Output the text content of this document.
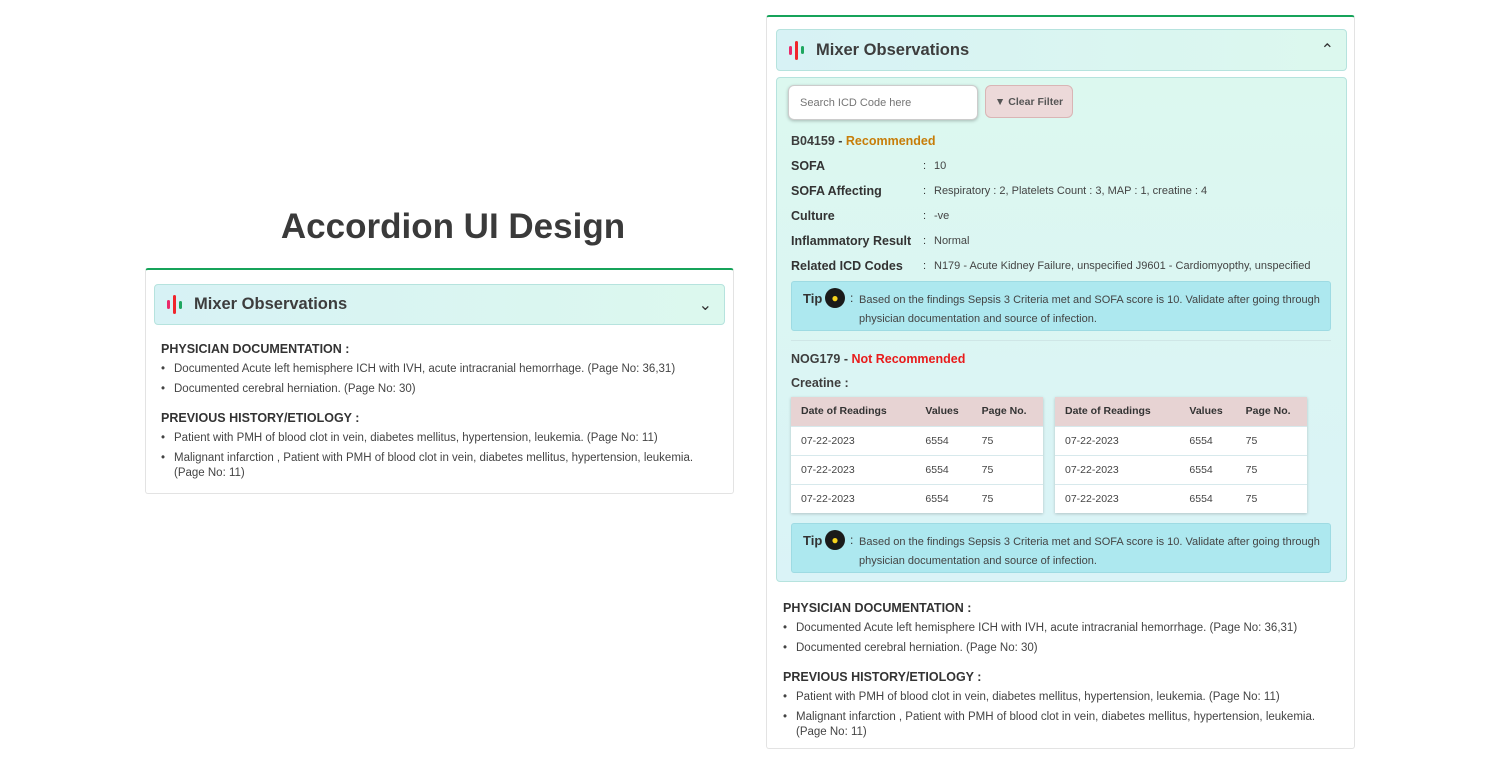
Accordion UI Design
Mixer Observations	⌄
PHYSICIAN DOCUMENTATION :
• Documented Acute left hemisphere ICH with IVH, acute intracranial hemorrhage. (Page No: 36,31)
• Documented cerebral herniation. (Page No: 30)
PREVIOUS HISTORY/ETIOLOGY :
• Patient with PMH of blood clot in vein, diabetes mellitus, hypertension, leukemia. (Page No: 11)
• Malignant infarction , Patient with PMH of blood clot in vein, diabetes mellitus, hypertension, leukemia. (Page No: 11)
Mixer Observations	⌃
Search ICD Code here
▼ Clear Filter
B04159 - Recommended
SOFA	: 10
SOFA Affecting	: Respiratory : 2, Platelets Count : 3, MAP : 1, creatine : 4
Culture	: -ve
Inflammatory Result : Normal
Related ICD Codes : N179 - Acute Kidney Failure, unspecified J9601 - Cardiomyopthy, unspecified
Tip ● : Based on the findings Sepsis 3 Criteria met and SOFA score is 10. Validate after going through physician documentation and source of infection.
NOG179 - Not Recommended
Creatine :
Date of Readings	Values	Page No.
07-22-2023	6554	75
07-22-2023	6554	75
07-22-2023	6554	75
Date of Readings	Values	Page No.
07-22-2023	6554	75
07-22-2023	6554	75
07-22-2023	6554	75
Tip ● : Based on the findings Sepsis 3 Criteria met and SOFA score is 10. Validate after going through physician documentation and source of infection.
PHYSICIAN DOCUMENTATION :
• Documented Acute left hemisphere ICH with IVH, acute intracranial hemorrhage. (Page No: 36,31)
• Documented cerebral herniation. (Page No: 30)
PREVIOUS HISTORY/ETIOLOGY :
• Patient with PMH of blood clot in vein, diabetes mellitus, hypertension, leukemia. (Page No: 11)
• Malignant infarction , Patient with PMH of blood clot in vein, diabetes mellitus, hypertension, leukemia. (Page No: 11)
